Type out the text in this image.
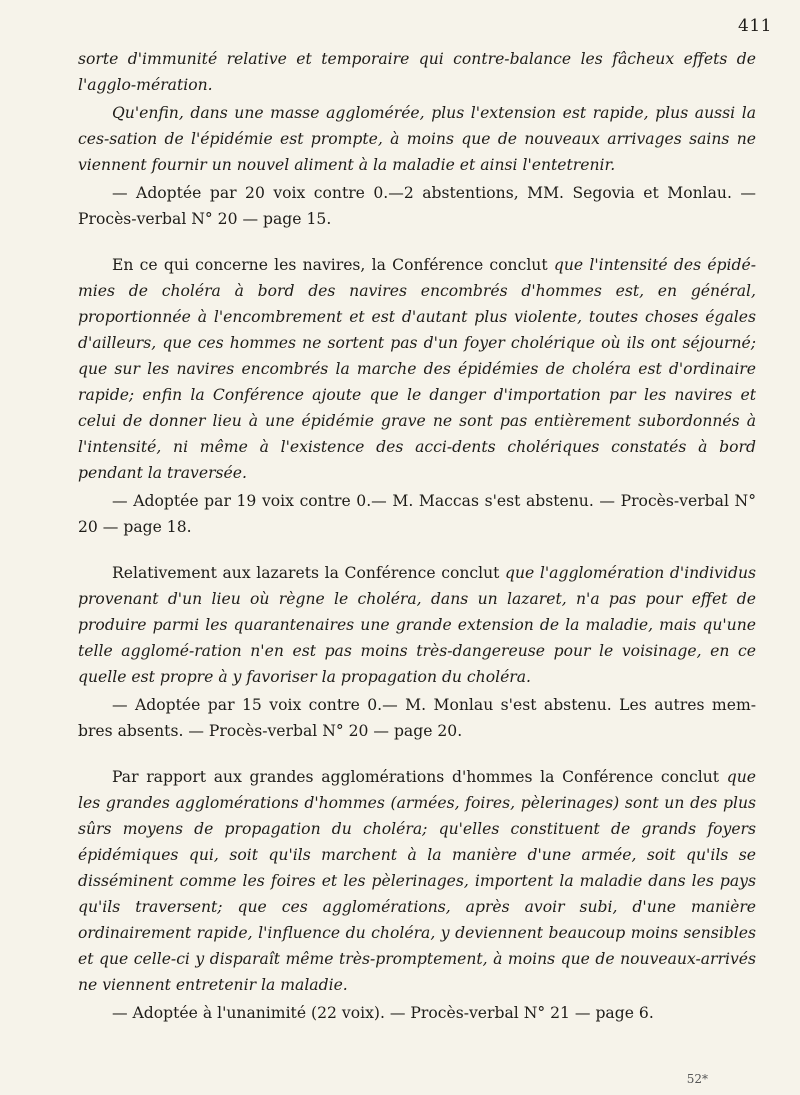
411

sorte d'immunité relative et temporaire qui contre-balance les fâcheux effets de l'agglo-mération.

Qu'enfin, dans une masse agglomérée, plus l'extension est rapide, plus aussi la ces-sation de l'épidémie est prompte, à moins que de nouveaux arrivages sains ne viennent fournir un nouvel aliment à la maladie et ainsi l'entetrenir.

— Adoptée par 20 voix contre 0.—2 abstentions, MM. Segovia et Monlau. — Procès-verbal N° 20 — page 15.

En ce qui concerne les navires, la Conférence conclut que l'intensité des épidé-mies de choléra à bord des navires encombrés d'hommes est, en général, proportionnée à l'encombrement et est d'autant plus violente, toutes choses égales d'ailleurs, que ces hommes ne sortent pas d'un foyer cholérique où ils ont séjourné; que sur les navires encombrés la marche des épidémies de choléra est d'ordinaire rapide; enfin la Conférence ajoute que le danger d'importation par les navires et celui de donner lieu à une épidémie grave ne sont pas entièrement subordonnés à l'intensité, ni même à l'existence des acci-dents cholériques constatés à bord pendant la traversée.

— Adoptée par 19 voix contre 0.— M. Maccas s'est abstenu. — Procès-verbal N° 20 — page 18.

Relativement aux lazarets la Conférence conclut que l'agglomération d'individus provenant d'un lieu où règne le choléra, dans un lazaret, n'a pas pour effet de produire parmi les quarantenaires une grande extension de la maladie, mais qu'une telle agglomé-ration n'en est pas moins très-dangereuse pour le voisinage, en ce quelle est propre à y favoriser la propagation du choléra.

— Adoptée par 15 voix contre 0.— M. Monlau s'est abstenu. Les autres mem-bres absents. — Procès-verbal N° 20 — page 20.

Par rapport aux grandes agglomérations d'hommes la Conférence conclut que les grandes agglomérations d'hommes (armées, foires, pèlerinages) sont un des plus sûrs moyens de propagation du choléra; qu'elles constituent de grands foyers épidémiques qui, soit qu'ils marchent à la manière d'une armée, soit qu'ils se disséminent comme les foires et les pèlerinages, importent la maladie dans les pays qu'ils traversent; que ces agglomérations, après avoir subi, d'une manière ordinairement rapide, l'influence du choléra, y deviennent beaucoup moins sensibles et que celle-ci y disparaît même très-promptement, à moins que de nouveaux-arrivés ne viennent entretenir la maladie.

— Adoptée à l'unanimité (22 voix). — Procès-verbal N° 21 — page 6.

52*
